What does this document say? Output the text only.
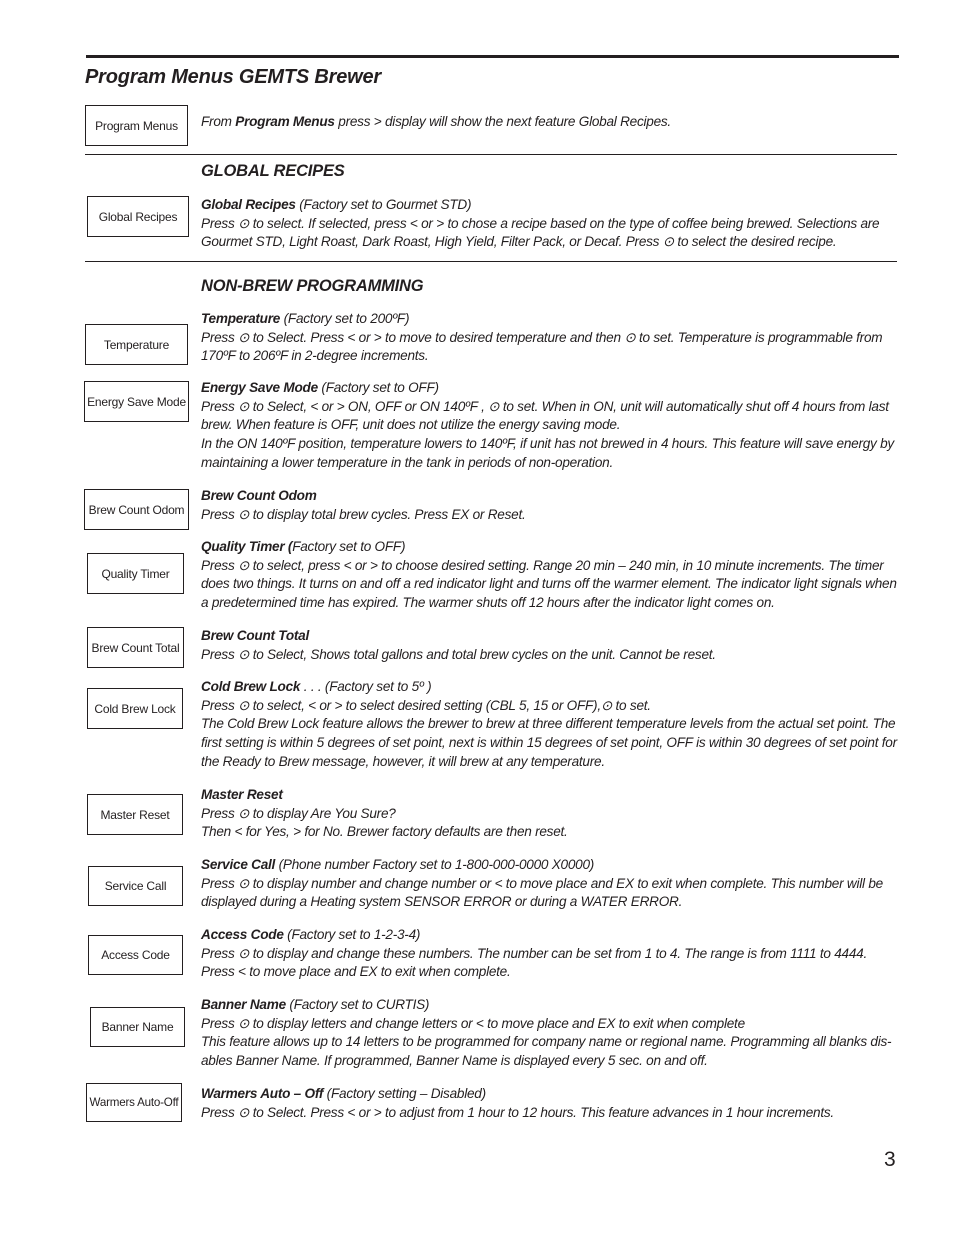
Program Menus GEMTS Brewer
Program Menus	From Program Menus press > display will show the next feature Global Recipes.
GLOBAL RECIPES
Global Recipes

Global Recipes (Factory set to Gourmet STD)

Press ⊙ to select. If selected, press < or > to chose a recipe based on the type of coffee being brewed. Selections are Gourmet STD, Light Roast, Dark Roast, High Yield, Filter Pack, or Decaf. Press ⊙ to select the desired recipe.

NON-BREW PROGRAMMING
Temperature

Temperature (Factory set to 200ºF)

Press ⊙ to Select. Press < or > to move to desired temperature and then ⊙ to set. Temperature is programmable from 170ºF to 206ºF in 2-degree increments.

Energy Save Mode

Energy Save Mode (Factory set to OFF)

Press ⊙ to Select, < or > ON, OFF or ON 140ºF , ⊙ to set. When in ON, unit will automatically shut off 4 hours from last brew. When feature is OFF, unit does not utilize the energy saving mode.

In the ON 140ºF position, temperature lowers to 140ºF, if unit has not brewed in 4 hours. This feature will save energy by maintaining a lower temperature in the tank in periods of non-operation.

Brew Count Odom

Brew Count Odom

Press ⊙ to display total brew cycles. Press EX or Reset.

Quality Timer

Quality Timer (Factory set to OFF)

Press ⊙ to select, press < or > to choose desired setting. Range 20 min – 240 min, in 10 minute increments. The timer does two things. It turns on and off a red indicator light and turns off the warmer element. The indicator light signals when a predetermined time has expired. The warmer shuts off 12 hours after the indicator light comes on.

Brew Count Total

Brew Count Total

Press ⊙ to Select, Shows total gallons and total brew cycles on the unit. Cannot be reset.

Cold Brew Lock

Cold Brew Lock . . . (Factory set to 5º )

Press ⊙ to select, < or > to select desired setting (CBL 5, 15 or OFF),⊙ to set.

The Cold Brew Lock feature allows the brewer to brew at three different temperature levels from the actual set point. The first setting is within 5 degrees of set point, next is within 15 degrees of set point, OFF is within 30 degrees of set point for the Ready to Brew message, however, it will brew at any temperature.

Master Reset

Master Reset

Press ⊙ to display Are You Sure?

Then < for Yes, > for No. Brewer factory defaults are then reset.

Service Call

Service Call (Phone number Factory set to 1-800-000-0000 X0000)

Press ⊙ to display number and change number or < to move place and EX to exit when complete. This number will be displayed during a Heating system SENSOR ERROR or during a WATER ERROR.

Access Code

Access Code (Factory set to 1-2-3-4)

Press ⊙ to display and change these numbers. The number can be set from 1 to 4. The range is from 1111 to 4444. Press < to move place and EX to exit when complete.

Banner Name

Banner Name (Factory set to CURTIS)

Press ⊙ to display letters and change letters or < to move place and EX to exit when complete

This feature allows up to 14 letters to be programmed for company name or regional name. Programming all blanks dis-ables Banner Name. If programmed, Banner Name is displayed every 5 sec. on and off.

Warmers Auto-Off

Warmers Auto – Off (Factory setting – Disabled)

Press ⊙ to Select. Press < or > to adjust from 1 hour to 12 hours. This feature advances in 1 hour increments.

3
